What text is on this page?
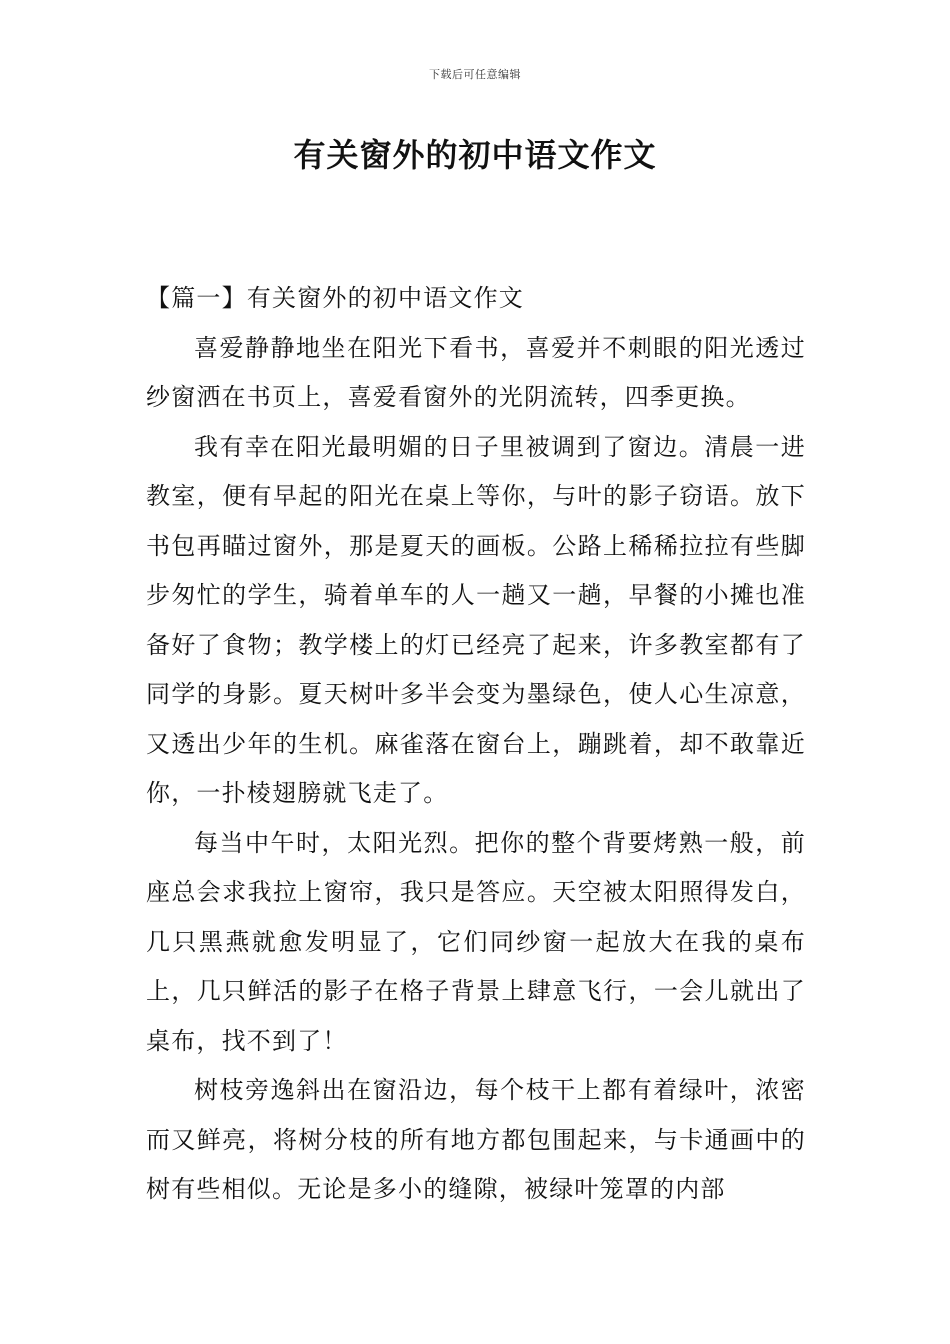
下载后可任意编辑
有关窗外的初中语文作文

【篇一】有关窗外的初中语文作文

喜爱静静地坐在阳光下看书，喜爱并不刺眼的阳光透过纱窗洒在书页上，喜爱看窗外的光阴流转，四季更换。

我有幸在阳光最明媚的日子里被调到了窗边。清晨一进教室，便有早起的阳光在桌上等你，与叶的影子窃语。放下书包再瞄过窗外，那是夏天的画板。公路上稀稀拉拉有些脚步匆忙的学生，骑着单车的人一趟又一趟，早餐的小摊也准备好了食物；教学楼上的灯已经亮了起来，许多教室都有了同学的身影。夏天树叶多半会变为墨绿色，使人心生凉意，又透出少年的生机。麻雀落在窗台上，蹦跳着，却不敢靠近你，一扑棱翅膀就飞走了。

每当中午时，太阳光烈。把你的整个背要烤熟一般，前座总会求我拉上窗帘，我只是答应。天空被太阳照得发白，几只黑燕就愈发明显了，它们同纱窗一起放大在我的桌布上，几只鲜活的影子在格子背景上肆意飞行，一会儿就出了桌布，找不到了！

树枝旁逸斜出在窗沿边，每个枝干上都有着绿叶，浓密而又鲜亮，将树分枝的所有地方都包围起来，与卡通画中的树有些相似。无论是多小的缝隙，被绿叶笼罩的内部
